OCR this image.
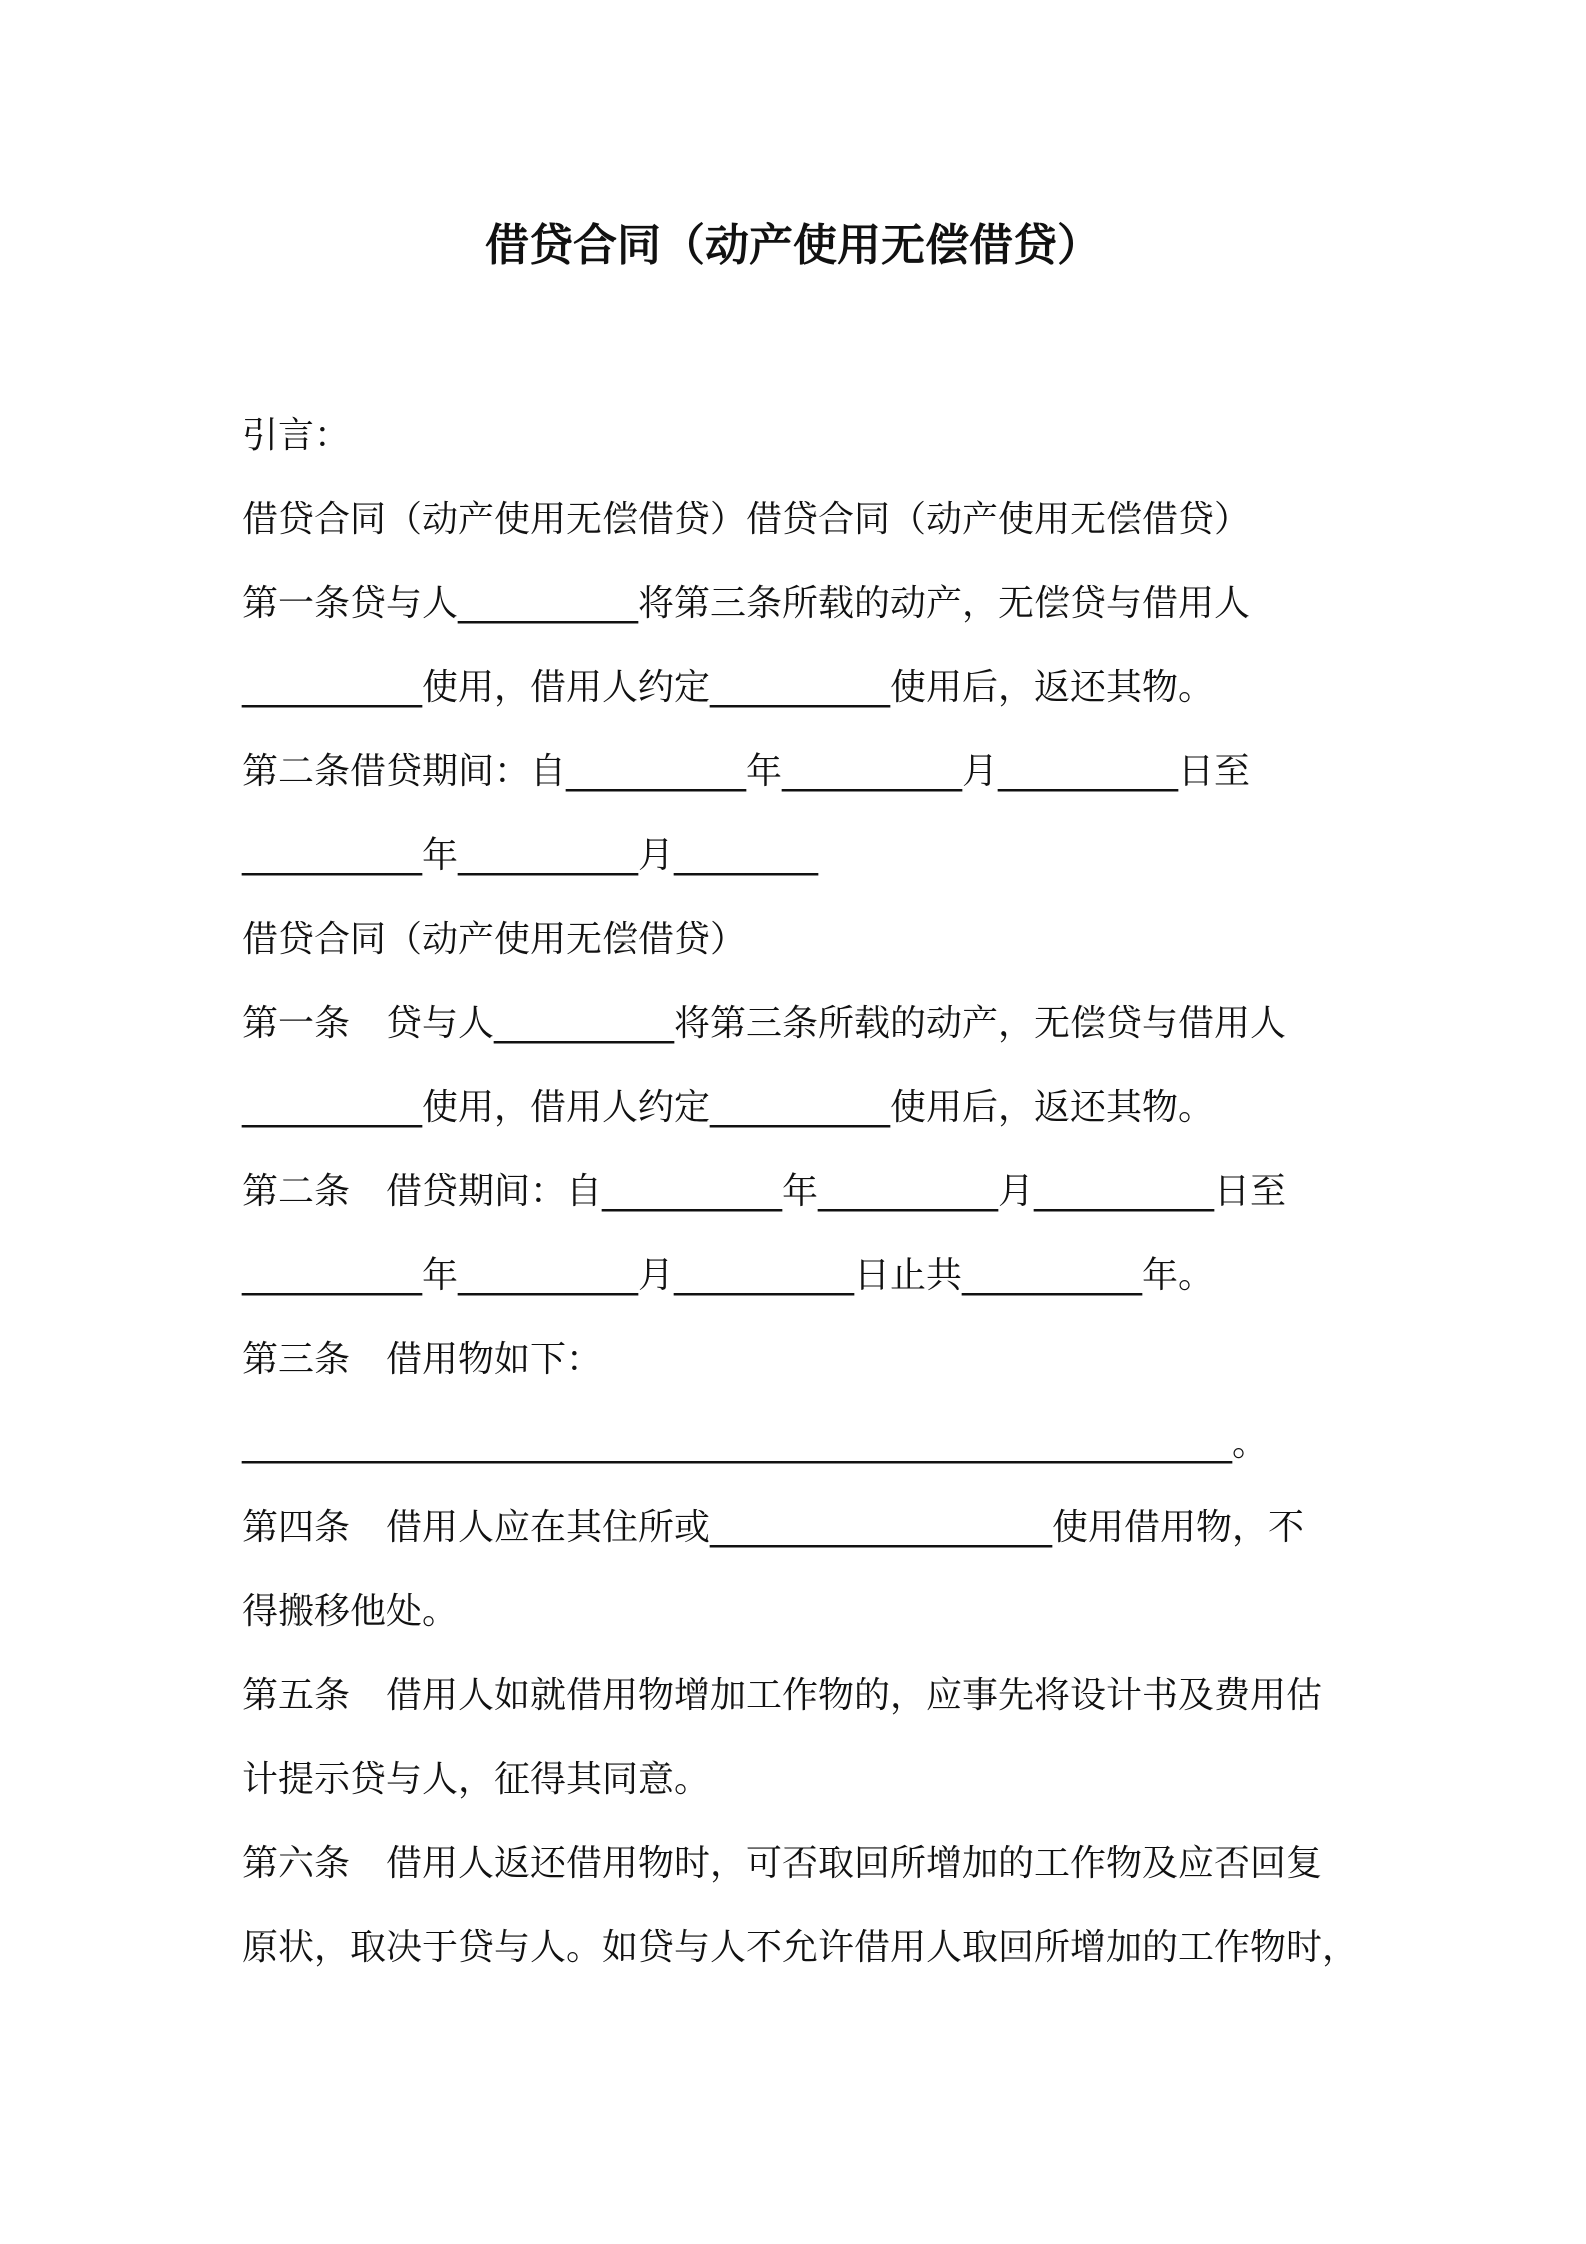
借贷合同（动产使用无偿借贷）
引言：
借贷合同（动产使用无偿借贷）借贷合同（动产使用无偿借贷）
第一条贷与人__________将第三条所载的动产，无偿贷与借用人
__________使用，借用人约定__________使用后，返还其物。
第二条借贷期间：自__________年__________月__________日至
__________年__________月________
借贷合同（动产使用无偿借贷）
第一条　贷与人__________将第三条所载的动产，无偿贷与借用人
__________使用，借用人约定__________使用后，返还其物。
第二条　借贷期间：自__________年__________月__________日至
__________年__________月__________日止共__________年。
第三条　借用物如下：
_______________________________________________________。
第四条　借用人应在其住所或___________________使用借用物，不
得搬移他处。
第五条　借用人如就借用物增加工作物的，应事先将设计书及费用估
计提示贷与人，征得其同意。
第六条　借用人返还借用物时，可否取回所增加的工作物及应否回复
原状，取决于贷与人。如贷与人不允许借用人取回所增加的工作物时，
